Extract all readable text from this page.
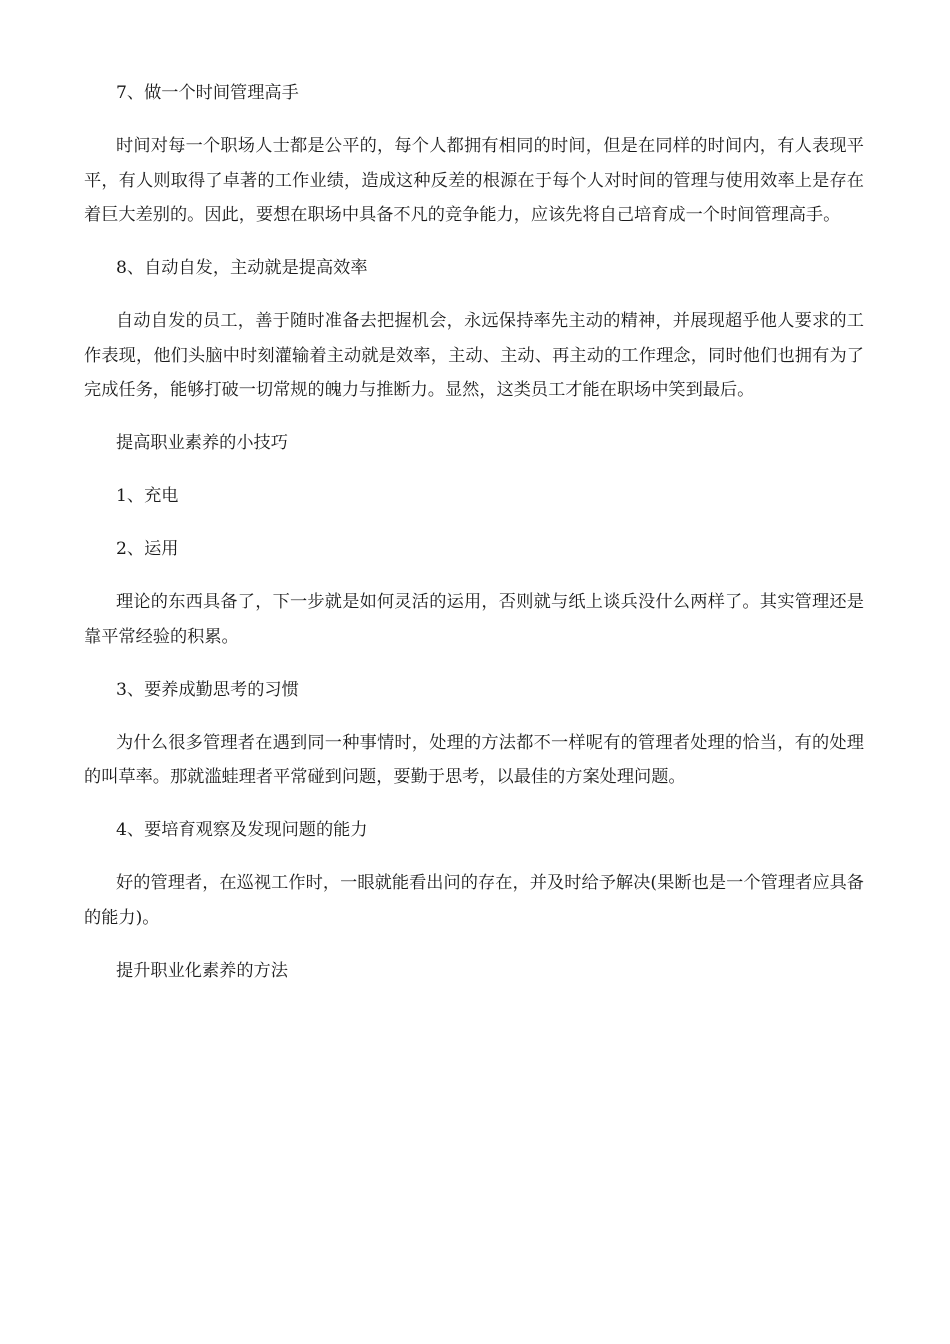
7、做一个时间管理高手

时间对每一个职场人士都是公平的，每个人都拥有相同的时间，但是在同样的时间内，有人表现平平，有人则取得了卓著的工作业绩，造成这种反差的根源在于每个人对时间的管理与使用效率上是存在着巨大差别的。因此，要想在职场中具备不凡的竞争能力，应该先将自己培育成一个时间管理高手。

8、自动自发，主动就是提高效率

自动自发的员工，善于随时准备去把握机会，永远保持率先主动的精神，并展现超乎他人要求的工作表现，他们头脑中时刻灌输着主动就是效率，主动、主动、再主动的工作理念，同时他们也拥有为了完成任务，能够打破一切常规的魄力与推断力。显然，这类员工才能在职场中笑到最后。

提高职业素养的小技巧

1、充电

2、运用

理论的东西具备了，下一步就是如何灵活的运用，否则就与纸上谈兵没什么两样了。其实管理还是靠平常经验的积累。

3、要养成勤思考的习惯

为什么很多管理者在遇到同一种事情时，处理的方法都不一样呢有的管理者处理的恰当，有的处理的叫草率。那就滥蛙理者平常碰到问题，要勤于思考，以最佳的方案处理问题。

4、要培育观察及发现问题的能力

好的管理者，在巡视工作时，一眼就能看出问的存在，并及时给予解决(果断也是一个管理者应具备的能力)。

提升职业化素养的方法
